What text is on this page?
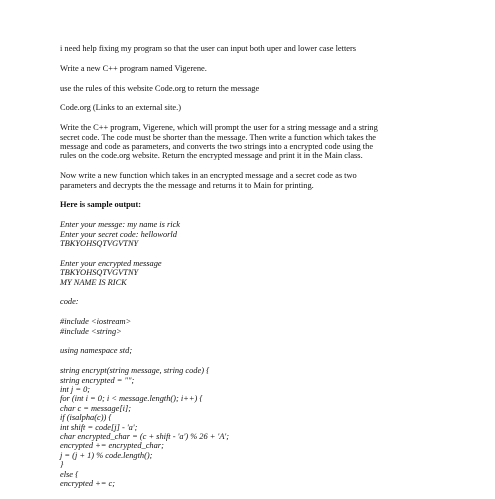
i need help fixing my program so that the user can input both uper and lower case letters

Write a new C++ program named Vigerene.

use the rules of this website Code.org to return the message

Code.org (Links to an external site.)

Write the C++ program, Vigerene, which will prompt the user for a string message and a string
secret code. The code must be shorter than the message. Then write a function which takes the
message and code as parameters, and converts the two strings into a encrypted code using the
rules on the code.org website. Return the encrypted message and print it in the Main class.
Now write a new function which takes in an encrypted message and a secret code as two
parameters and decrypts the the message and returns it to Main for printing.

Here is sample output:

Enter your messge: my name is rick
Enter your secret code: helloworld
TBKYOHSQTVGVTNY
Enter your encrypted message
TBKYOHSQTVGVTNY
MY NAME IS RICK

code:

#include <iostream>
#include <string>

using namespace std;

string encrypt(string message, string code) {
string encrypted = "";
int j = 0;
for (int i = 0; i < message.length(); i++) {
char c = message[i];
if (isalpha(c)) {
int shift = code[j] - 'a';
char encrypted_char = (c + shift - 'a') % 26 + 'A';
encrypted += encrypted_char;
j = (j + 1) % code.length();
}
else {
encrypted += c;
